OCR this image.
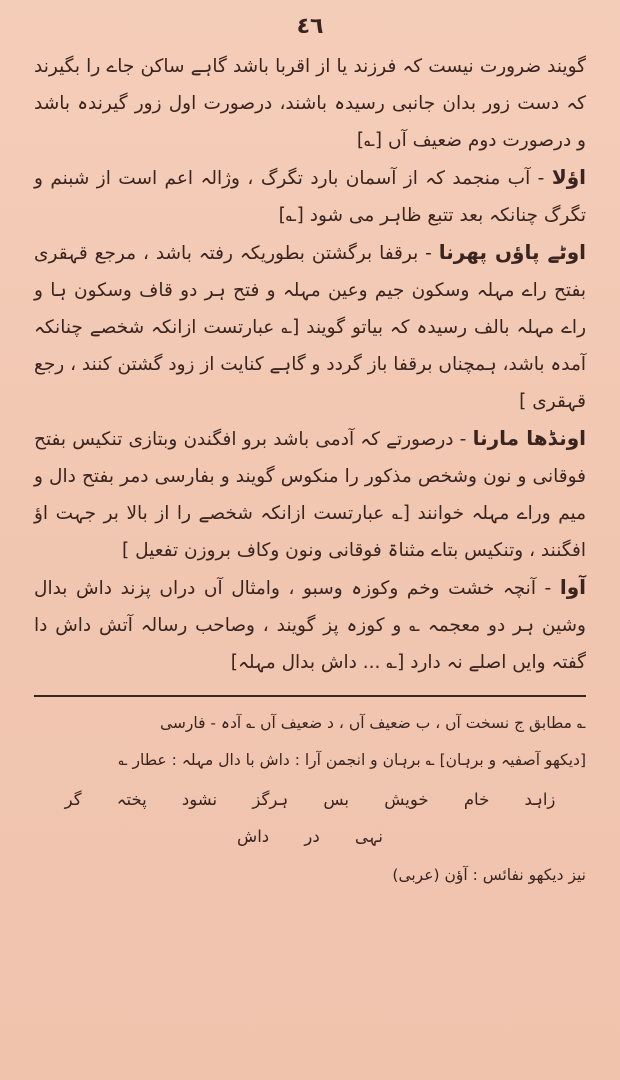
٤٦

گویند ضرورت نیست کہ فرزند یا از اقربا باشد گاہے ساکن جاے را بگیرند کہ دست زور بدان جانبی رسیدہ باشند، درصورت اول زور گیرندہ باشد و درصورت دوم ضعیف آں [؎]

اؤلا - آب منجمد کہ از آسمان بارد تگرگ ، وژالہ اعم است از شبنم و تگرگ چنانکہ بعد تتبع ظاہر می شود [؎]

اوٹے پاؤں پھرنا - برقفا برگشتن بطوریکہ رفتہ باشد ، مرجع قہقری بفتح راے مہلہ وسکون جیم وعین مہلہ و فتح ہر دو قاف وسکون ہا و راے مہلہ بالف رسیدہ کہ بیاتو گویند [؎ عبارتست ازانکہ شخصے چنانکہ آمدہ باشد، ہمچناں برقفا باز گردد و گاہے کنایت از زود گشتن کنند ، رجع قہقری ]

اونڈھا مارنا - درصورتے کہ آدمی باشد برو افگندن وبتازی تنکیس بفتح فوقانی و نون وشخص مذکور را منکوس گویند و بفارسی دمر بفتح دال و میم وراے مہلہ خوانند [؎ عبارتست ازانکہ شخصے را از بالا بر جہت اؤ افگنند ، وتنکیس بتاے مثناۃ فوقانی ونون وکاف بروزن تفعیل ]

آوا - آنچہ خشت وخم وکوزہ وسبو ، وامثال آں دراں پزند داش بدال وشین ہر دو معجمہ ؎ و کوزہ پز گویند ، وصاحب رسالہ آتش داش دا گفتہ وایں اصلے نہ دارد [؎ ... داش بدال مہلہ]

؎ مطابق ج نسخت آں ، ب ضعیف آں ، د ضعیف آں ؎ آدہ - فارسی

[دیکھو آصفیہ و برہان] ؎ برہان و انجمن آرا : داش با دال مہلہ : عطار ؎

زاہد خام خویش بس ہرگز نشود پختہ گر نہی در داش

نیز دیکھو نفائس : آؤن (عربی)
